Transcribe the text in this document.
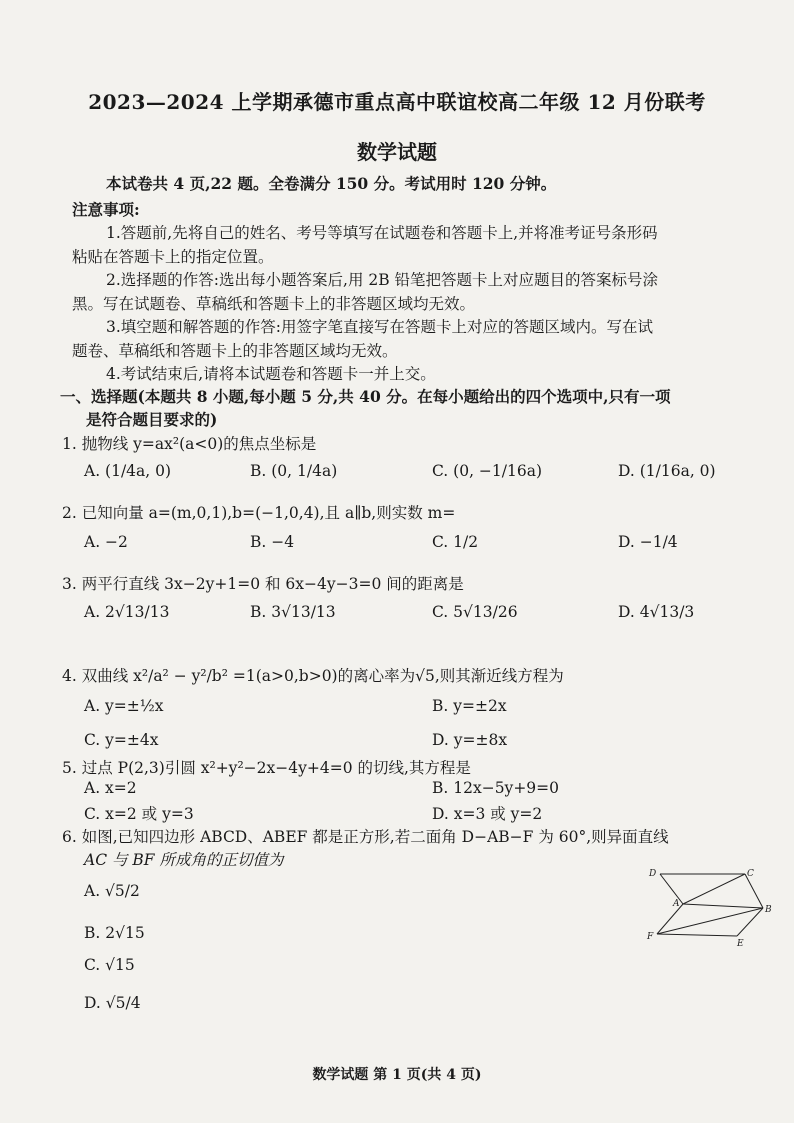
2023—2024 上学期承德市重点高中联谊校高二年级 12 月份联考
数学试题
本试卷共 4 页,22 题。全卷满分 150 分。考试用时 120 分钟。
注意事项:
1.答题前,先将自己的姓名、考号等填写在试题卷和答题卡上,并将准考证号条形码
粘贴在答题卡上的指定位置。
2.选择题的作答:选出每小题答案后,用 2B 铅笔把答题卡上对应题目的答案标号涂
黑。写在试题卷、草稿纸和答题卡上的非答题区域均无效。
3.填空题和解答题的作答:用签字笔直接写在答题卡上对应的答题区域内。写在试
题卷、草稿纸和答题卡上的非答题区域均无效。
4.考试结束后,请将本试题卷和答题卡一并上交。
一、选择题(本题共 8 小题,每小题 5 分,共 40 分。在每小题给出的四个选项中,只有一项
是符合题目要求的)
1. 抛物线 y=ax²(a<0)的焦点坐标是
A. (1/4a, 0)	B. (0, 1/4a)	C. (0, −1/16a)	D. (1/16a, 0)
2. 已知向量 a=(m,0,1),b=(−1,0,4),且 a∥b,则实数 m=
A. −2	B. −4	C. 1/2	D. −1/4
3. 两平行直线 3x−2y+1=0 和 6x−4y−3=0 间的距离是
A. 2√13/13	B. 3√13/13	C. 5√13/26	D. 4√13/3
4. 双曲线 x²/a² − y²/b² =1(a>0,b>0)的离心率为√5,则其渐近线方程为
A. y=±½x	B. y=±2x
C. y=±4x	D. y=±8x
5. 过点 P(2,3)引圆 x²+y²−2x−4y+4=0 的切线,其方程是
A. x=2	B. 12x−5y+9=0
C. x=2 或 y=3	D. x=3 或 y=2
6. 如图,已知四边形 ABCD、ABEF 都是正方形,若二面角 D−AB−F 为 60°,则异面直线
AC 与 BF 所成角的正切值为
A. √5/2
B. 2√15
C. √15
D. √5/4
D	C
A
B
F
E
数学试题 第 1 页(共 4 页)
